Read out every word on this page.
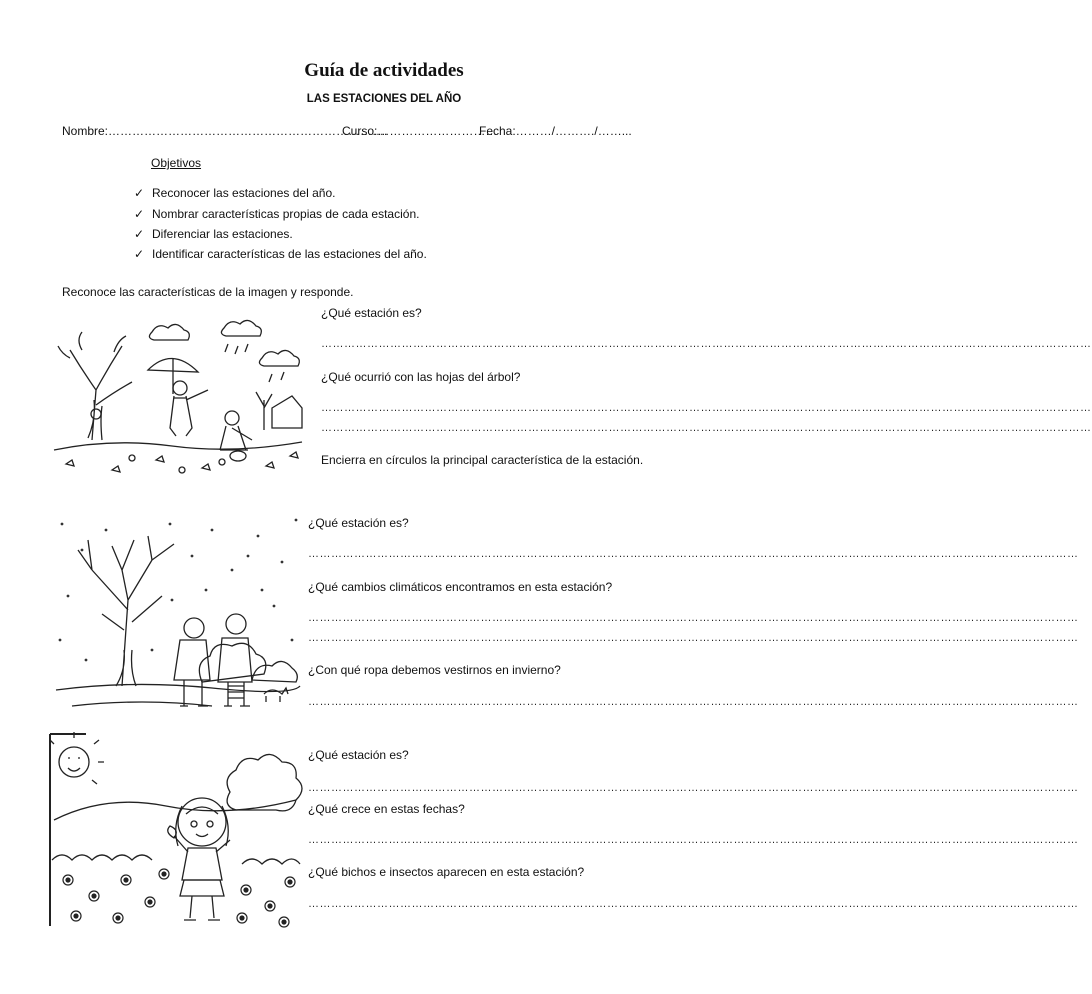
Guía de actividades
LAS ESTACIONES DEL AÑO
Nombre:…………………………………………………………….
Curso:…………………………
Fecha:………/………./……...
Objetivos
✓ Reconocer las estaciones del año.
✓ Nombrar características propias de cada estación.
✓ Diferenciar las estaciones.
✓ Identificar características de las estaciones del año.
Reconoce las características de la imagen y responde.
¿Qué estación es?
…………………………………………………………………………………………………………………………………………………………………………………
¿Qué ocurrió con las hojas del árbol?
…………………………………………………………………………………………………………………………………………………………………………………
…………………………………………………………………………………………………………………………………………………………………………………
Encierra en círculos la principal característica de la estación.
¿Qué estación es?
…………………………………………………………………………………………………………………………………………………………………………………
¿Qué cambios climáticos encontramos en esta estación?
…………………………………………………………………………………………………………………………………………………………………………………
…………………………………………………………………………………………………………………………………………………………………………………
¿Con qué ropa debemos vestirnos en invierno?
…………………………………………………………………………………………………………………………………………………………………………………
¿Qué estación es?
…………………………………………………………………………………………………………………………………………………………………………………
¿Qué crece en estas fechas?
…………………………………………………………………………………………………………………………………………………………………………………
¿Qué bichos e insectos aparecen en esta estación?
…………………………………………………………………………………………………………………………………………………………………………………
